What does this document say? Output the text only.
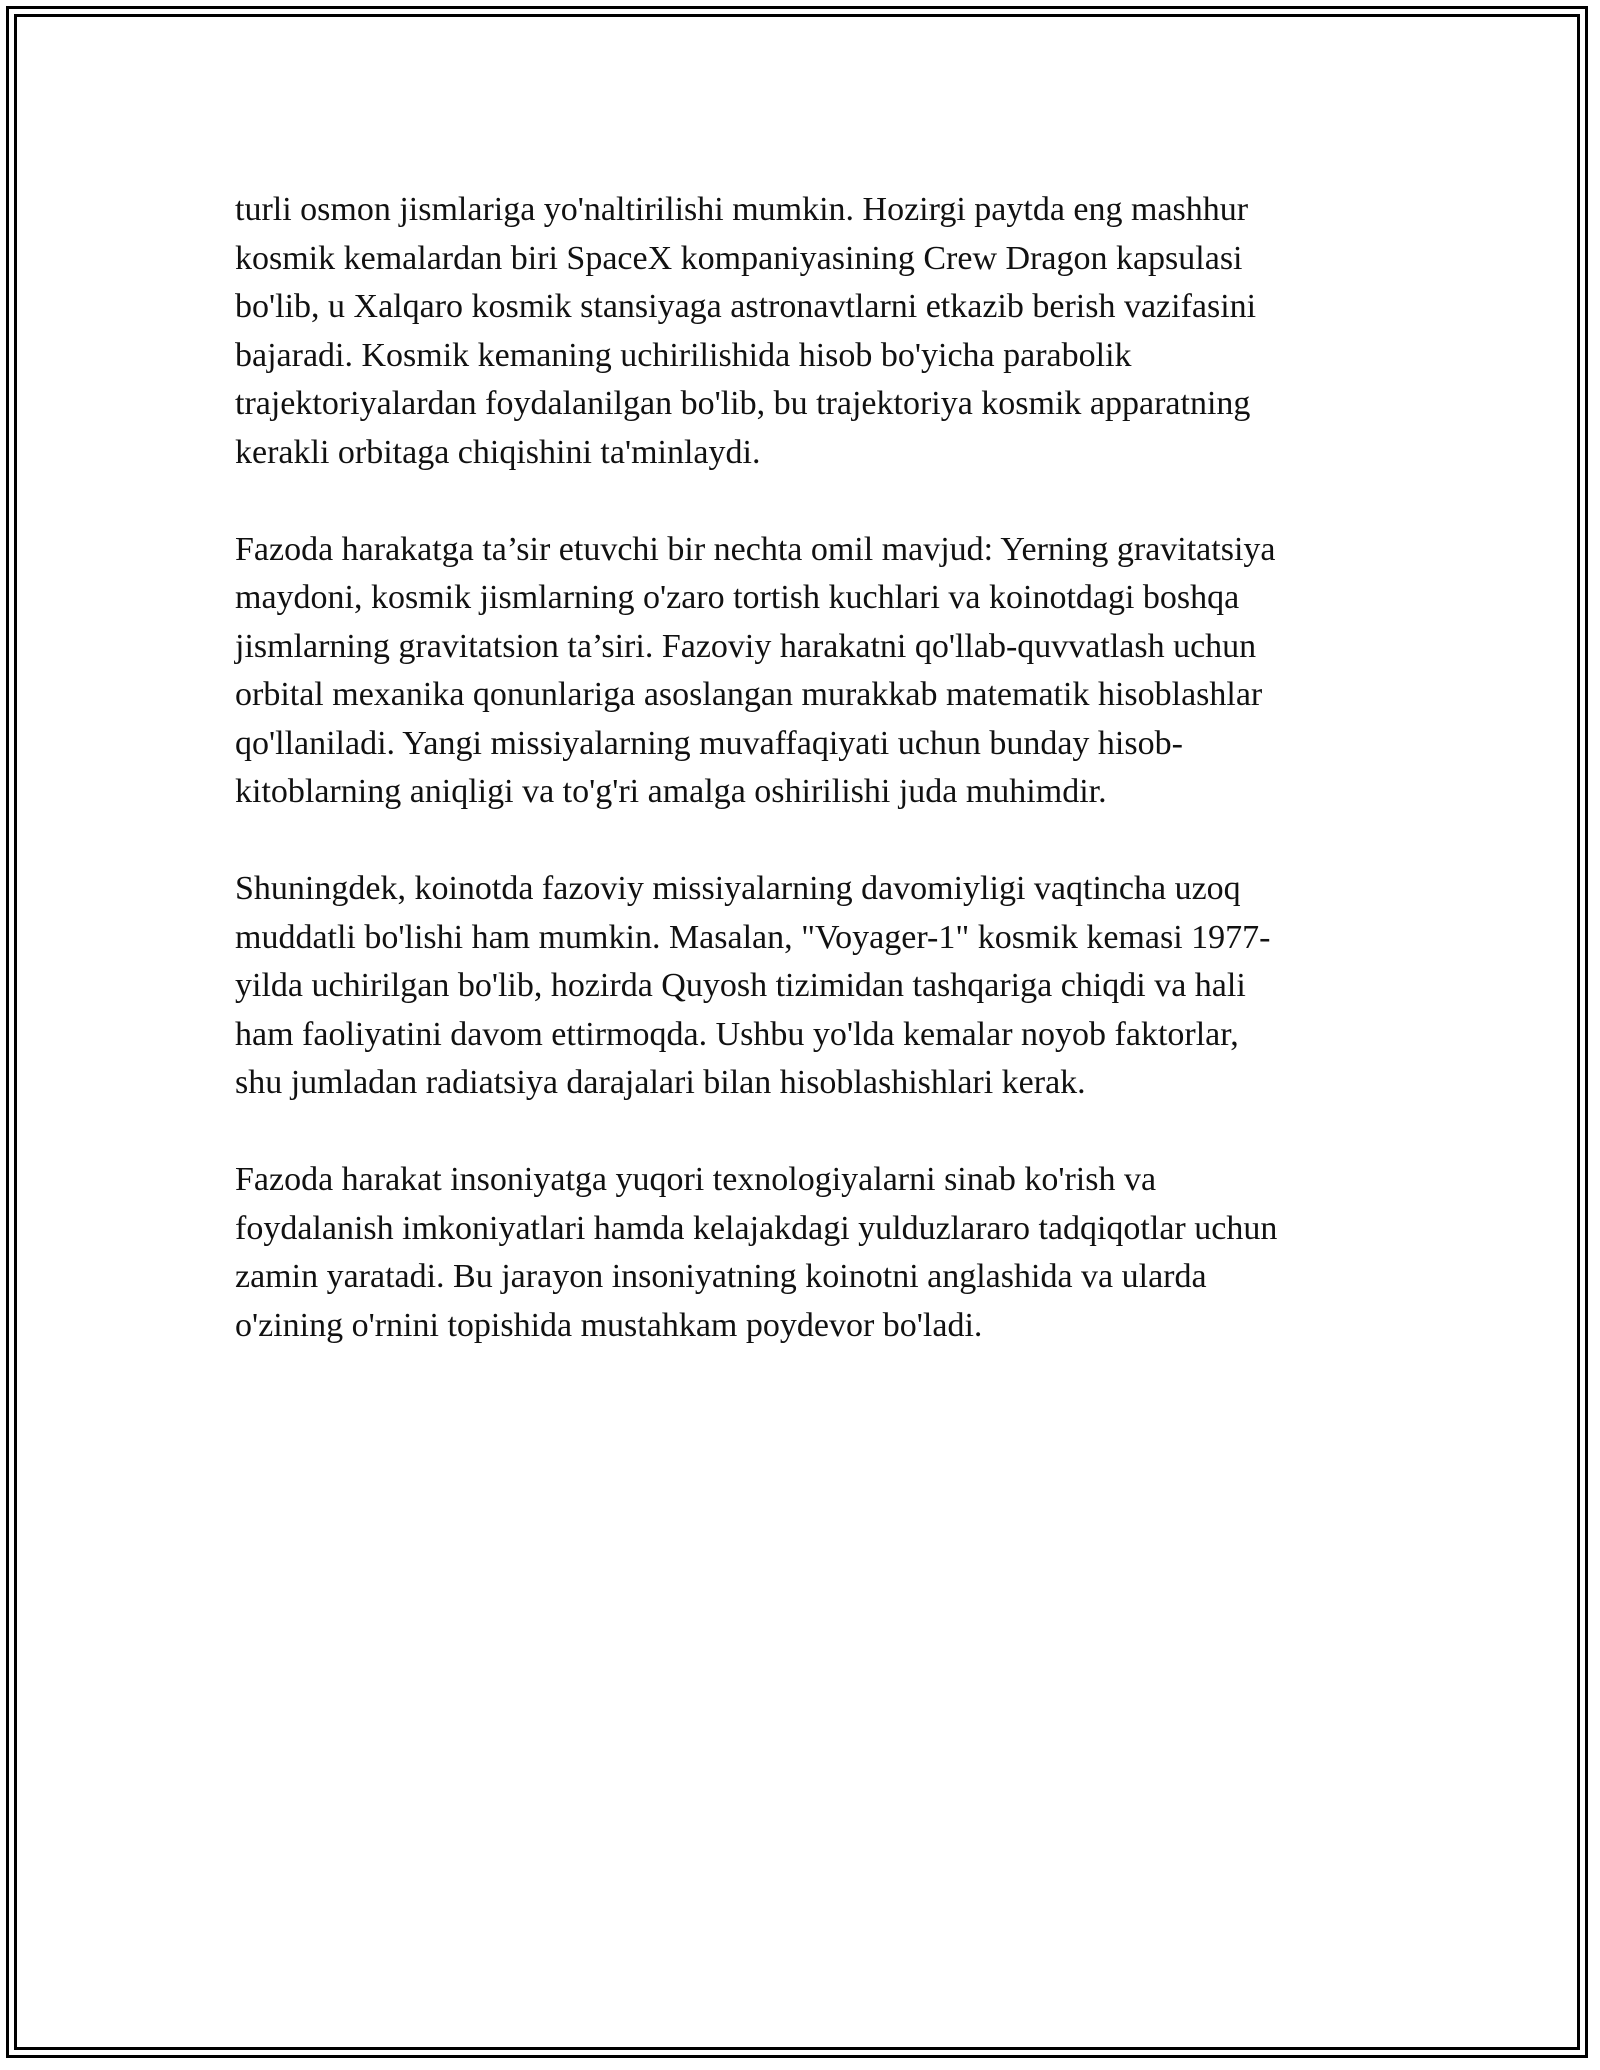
turli osmon jismlariga yo'naltirilishi mumkin. Hozirgi paytda eng mashhur
kosmik kemalardan biri SpaceX kompaniyasining Crew Dragon kapsulasi
bo'lib, u Xalqaro kosmik stansiyaga astronavtlarni etkazib berish vazifasini
bajaradi. Kosmik kemaning uchirilishida hisob bo'yicha parabolik
trajektoriyalardan foydalanilgan bo'lib, bu trajektoriya kosmik apparatning
kerakli orbitaga chiqishini ta'minlaydi.

Fazoda harakatga ta’sir etuvchi bir nechta omil mavjud: Yerning gravitatsiya
maydoni, kosmik jismlarning o'zaro tortish kuchlari va koinotdagi boshqa
jismlarning gravitatsion ta’siri. Fazoviy harakatni qo'llab-quvvatlash uchun
orbital mexanika qonunlariga asoslangan murakkab matematik hisoblashlar
qo'llaniladi. Yangi missiyalarning muvaffaqiyati uchun bunday hisob-
kitoblarning aniqligi va to'g'ri amalga oshirilishi juda muhimdir.

Shuningdek, koinotda fazoviy missiyalarning davomiyligi vaqtincha uzoq
muddatli bo'lishi ham mumkin. Masalan, "Voyager-1" kosmik kemasi 1977-
yilda uchirilgan bo'lib, hozirda Quyosh tizimidan tashqariga chiqdi va hali
ham faoliyatini davom ettirmoqda. Ushbu yo'lda kemalar noyob faktorlar,
shu jumladan radiatsiya darajalari bilan hisoblashishlari kerak.

Fazoda harakat insoniyatga yuqori texnologiyalarni sinab ko'rish va
foydalanish imkoniyatlari hamda kelajakdagi yulduzlararo tadqiqotlar uchun
zamin yaratadi. Bu jarayon insoniyatning koinotni anglashida va ularda
o'zining o'rnini topishida mustahkam poydevor bo'ladi.
